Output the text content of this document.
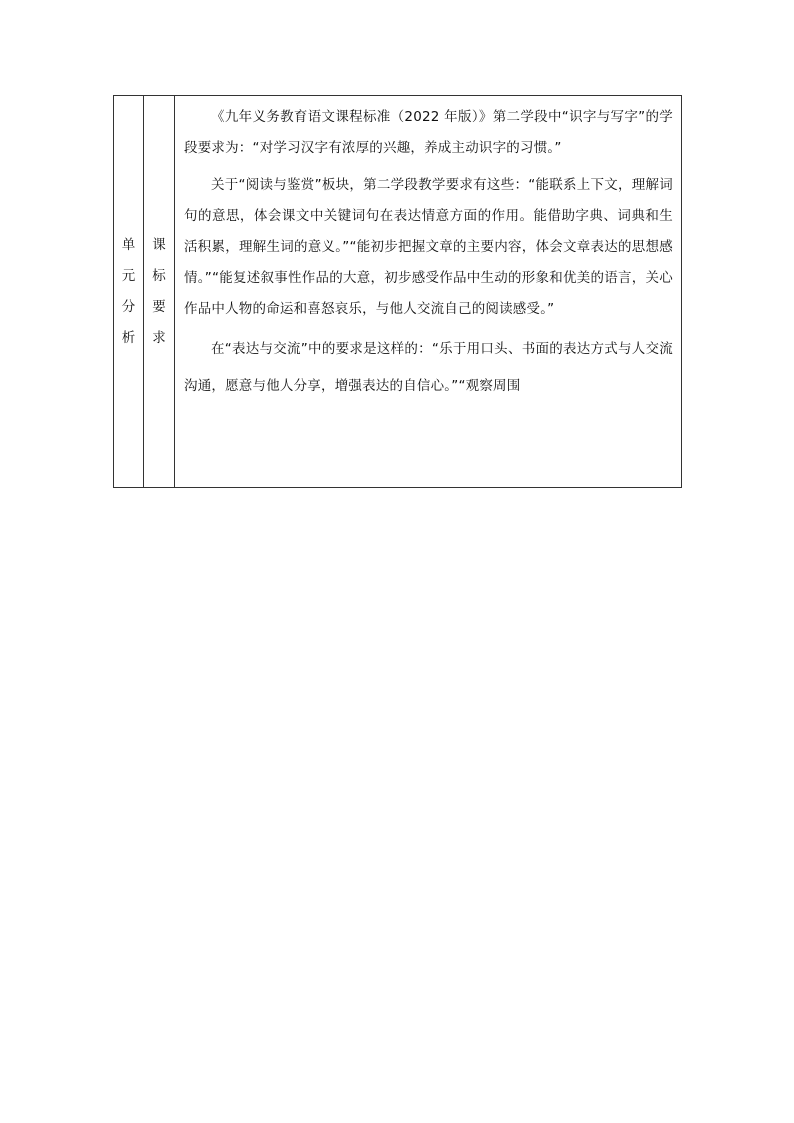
单
元
分
析

课
标
要
求

《九年义务教育语文课程标准（2022 年版）》第二学段中“识字与写字”的学段要求为：“对学习汉字有浓厚的兴趣，养成主动识字的习惯。”

关于“阅读与鉴赏”板块，第二学段教学要求有这些：“能联系上下文，理解词句的意思，体会课文中关键词句在表达情意方面的作用。能借助字典、词典和生活积累，理解生词的意义。”“能初步把握文章的主要内容，体会文章表达的思想感情。”“能复述叙事性作品的大意，初步感受作品中生动的形象和优美的语言，关心作品中人物的命运和喜怒哀乐，与他人交流自己的阅读感受。”

在“表达与交流”中的要求是这样的：“乐于用口头、书面的表达方式与人交流沟通，愿意与他人分享，增强表达的自信心。”“观察周围
